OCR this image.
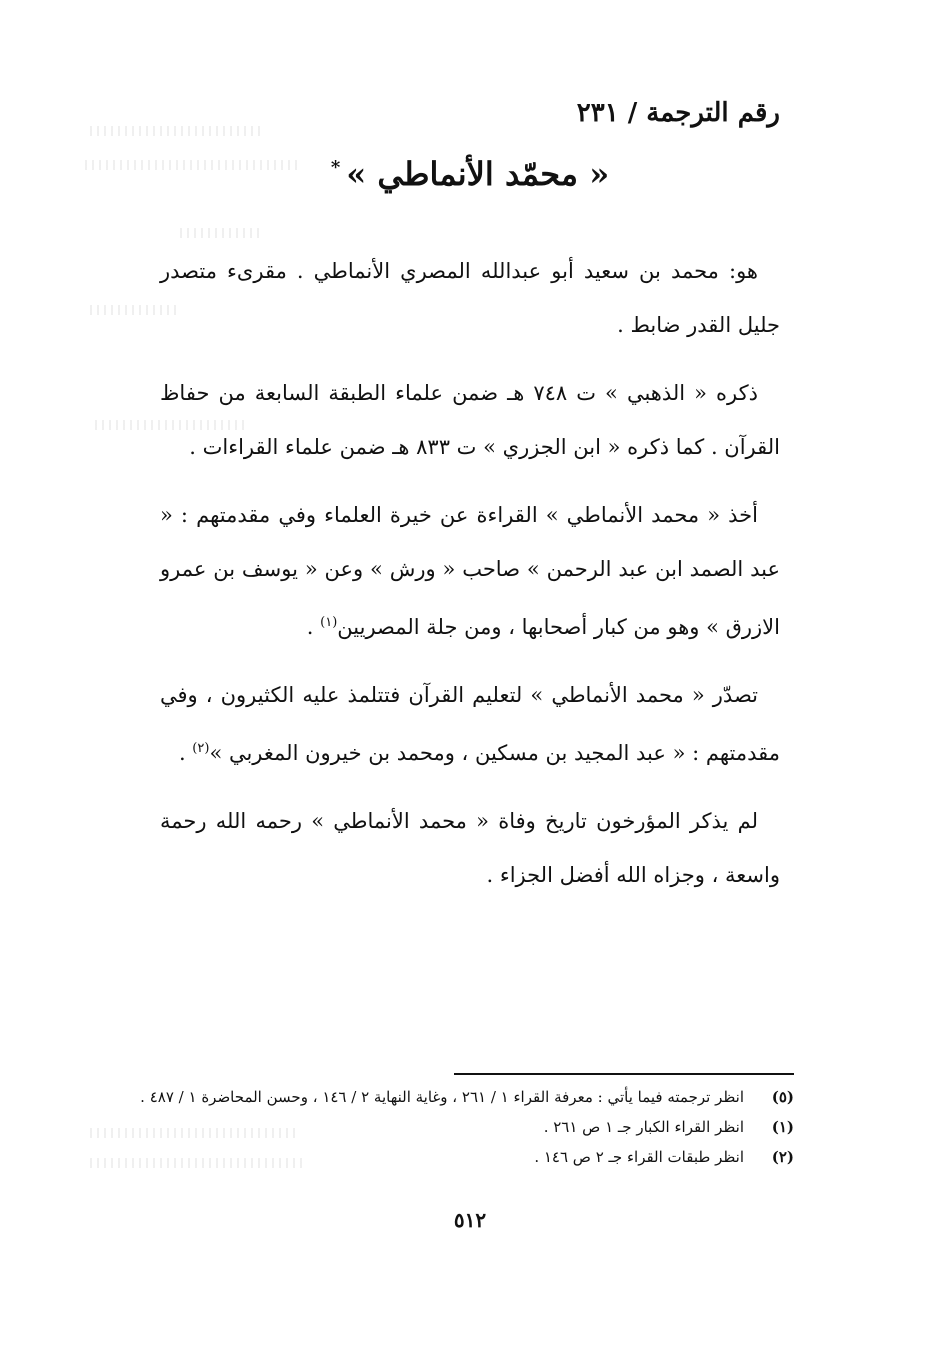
رقم الترجمة / ٢٣١
« محمّد الأنماطي »*

هو: محمد بن سعيد أبو عبدالله المصري الأنماطي . مقرىء متصدر جليل القدر ضابط .

ذكره « الذهبي » ت ٧٤٨ هـ ضمن علماء الطبقة السابعة من حفاظ القرآن . كما ذكره « ابن الجزري » ت ٨٣٣ هـ ضمن علماء القراءات .

أخذ « محمد الأنماطي » القراءة عن خيرة العلماء وفي مقدمتهم : « عبد الصمد ابن عبد الرحمن » صاحب « ورش » وعن « يوسف بن عمرو الازرق » وهو من كبار أصحابها ، ومن جلة المصريين$^{(١)}$ .

تصدّر « محمد الأنماطي » لتعليم القرآن فتتلمذ عليه الكثيرون ، وفي مقدمتهم : « عبد المجيد بن مسكين ، ومحمد بن خيرون المغربي »$^{(٢)}$ .

لم يذكر المؤرخون تاريخ وفاة « محمد الأنماطي » رحمه الله رحمة واسعة ، وجزاه الله أفضل الجزاء .

(٥)
انظر ترجمته فيما يأتي : معرفة القراء ١ / ٢٦١ ، وغاية النهاية ٢ / ١٤٦ ، وحسن المحاضرة ١ / ٤٨٧ .
(١)
انظر القراء الكبار جـ ١ ص ٢٦١ .
(٢)
انظر طبقات القراء جـ ٢ ص ١٤٦ .
٥١٢
